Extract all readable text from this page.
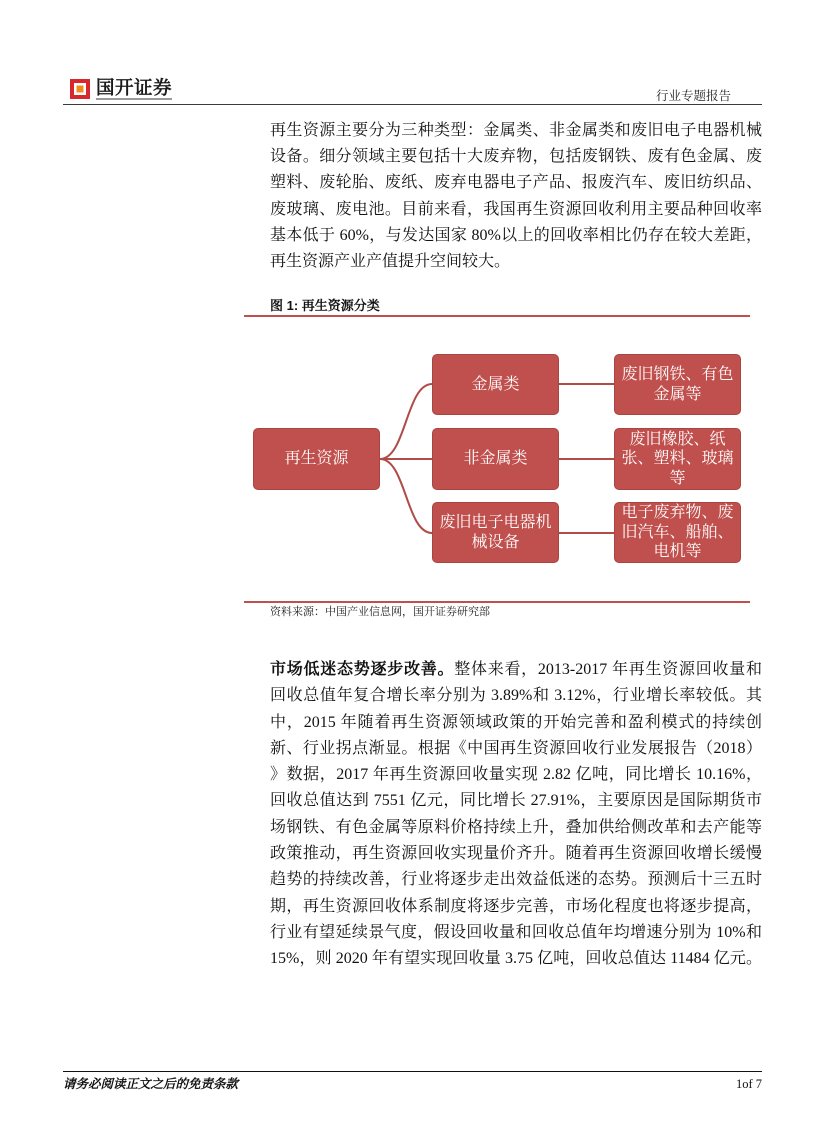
国开证券	行业专题报告
再生资源主要分为三种类型：金属类、非金属类和废旧电子电器机械
设备。细分领域主要包括十大废弃物，包括废钢铁、废有色金属、废
塑料、废轮胎、废纸、废弃电器电子产品、报废汽车、废旧纺织品、
废玻璃、废电池。目前来看，我国再生资源回收利用主要品种回收率
基本低于 60%，与发达国家 80%以上的回收率相比仍存在较大差距，
再生资源产业产值提升空间较大。
图 1: 再生资源分类
再生资源
金属类
非金属类
废旧电子电器机
械设备
废旧钢铁、有色
金属等
废旧橡胶、纸
张、塑料、玻璃
等
电子废弃物、废
旧汽车、船舶、
电机等
资料来源：中国产业信息网，国开证券研究部
市场低迷态势逐步改善。整体来看，2013-2017 年再生资源回收量和
回收总值年复合增长率分别为 3.89%和 3.12%，行业增长率较低。其
中，2015 年随着再生资源领域政策的开始完善和盈利模式的持续创
新、行业拐点渐显。根据《中国再生资源回收行业发展报告（2018）
》数据，2017 年再生资源回收量实现 2.82 亿吨，同比增长 10.16%，
回收总值达到 7551 亿元，同比增长 27.91%，主要原因是国际期货市
场钢铁、有色金属等原料价格持续上升，叠加供给侧改革和去产能等
政策推动，再生资源回收实现量价齐升。随着再生资源回收增长缓慢
趋势的持续改善，行业将逐步走出效益低迷的态势。预测后十三五时
期，再生资源回收体系制度将逐步完善，市场化程度也将逐步提高，
行业有望延续景气度，假设回收量和回收总值年均增速分别为 10%和
15%，则 2020 年有望实现回收量 3.75 亿吨，回收总值达 11484 亿元。
请务必阅读正文之后的免责条款	1of 7
